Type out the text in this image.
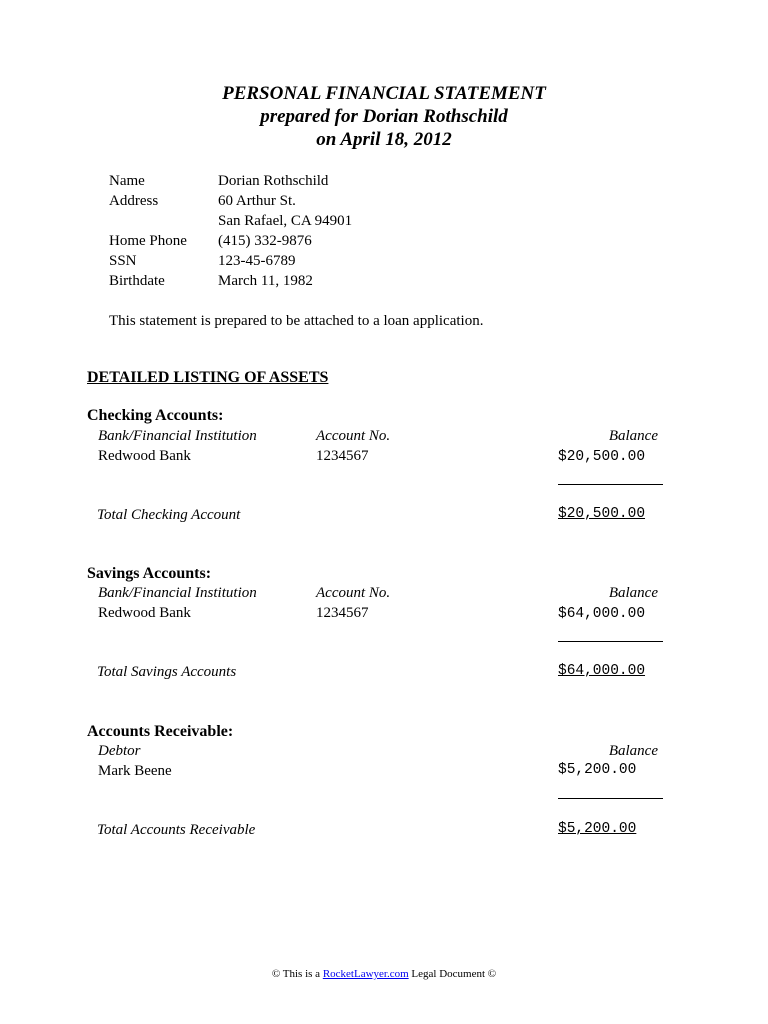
PERSONAL FINANCIAL STATEMENT
prepared for Dorian Rothschild
on April 18, 2012
Name	Dorian Rothschild
Address	60 Arthur St.
San Rafael, CA 94901
Home Phone (415) 332-9876
SSN	123-45-6789
Birthdate	March 11, 1982
This statement is prepared to be attached to a loan application.
DETAILED LISTING OF ASSETS
Checking Accounts:
Bank/Financial Institution	Account No.	Balance
Redwood Bank	1234567	$20,500.00
Total Checking Account	$20,500.00
Savings Accounts:
Bank/Financial Institution	Account No.	Balance
Redwood Bank	1234567	$64,000.00
Total Savings Accounts	$64,000.00
Accounts Receivable:
Debtor	Balance
Mark Beene	$5,200.00
Total Accounts Receivable	$5,200.00
© This is a RocketLawyer.com Legal Document ©
